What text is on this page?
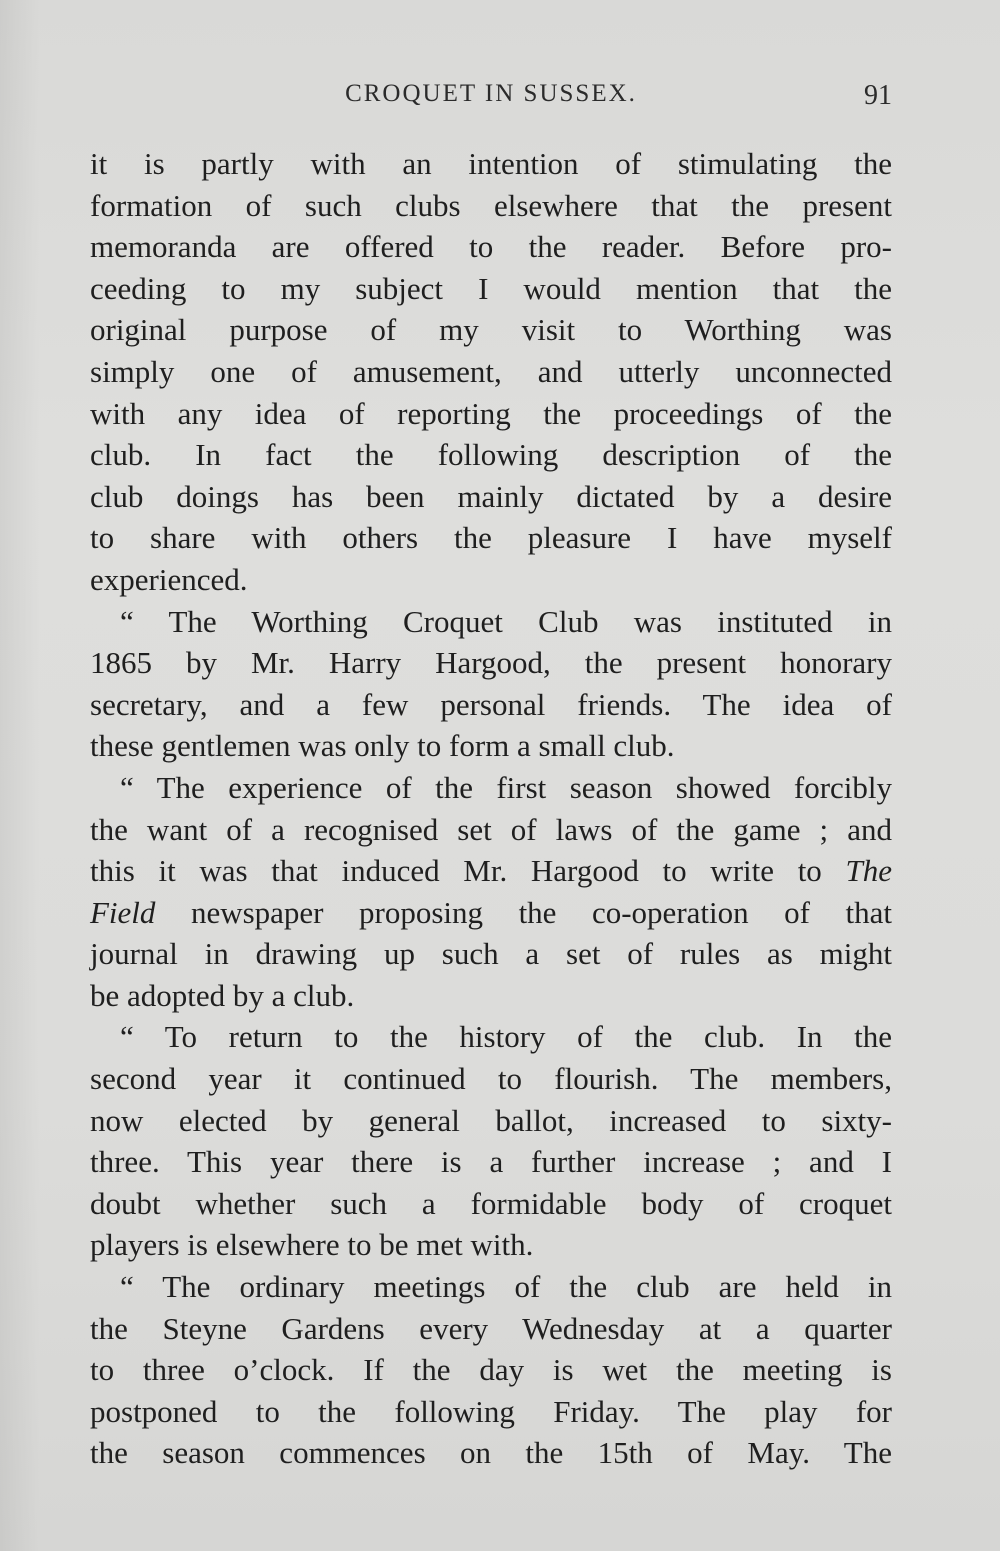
CROQUET IN SUSSEX.	91
it is partly with an intention of stimulating the
formation of such clubs elsewhere that the present
memoranda are offered to the reader. Before pro-
ceeding to my subject I would mention that the
original purpose of my visit to Worthing was
simply one of amusement, and utterly unconnected
with any idea of reporting the proceedings of the
club. In fact the following description of the
club doings has been mainly dictated by a desire
to share with others the pleasure I have myself
experienced.
“ The Worthing Croquet Club was instituted in
1865 by Mr. Harry Hargood, the present honorary
secretary, and a few personal friends. The idea of
these gentlemen was only to form a small club.
“ The experience of the first season showed forcibly
the want of a recognised set of laws of the game ; and
this it was that induced Mr. Hargood to write to The
Field newspaper proposing the co-operation of that
journal in drawing up such a set of rules as might
be adopted by a club.
“ To return to the history of the club. In the
second year it continued to flourish. The members,
now elected by general ballot, increased to sixty-
three. This year there is a further increase ; and I
doubt whether such a formidable body of croquet
players is elsewhere to be met with.
“ The ordinary meetings of the club are held in
the Steyne Gardens every Wednesday at a quarter
to three o’clock. If the day is wet the meeting is
postponed to the following Friday. The play for
the season commences on the 15th of May. The
